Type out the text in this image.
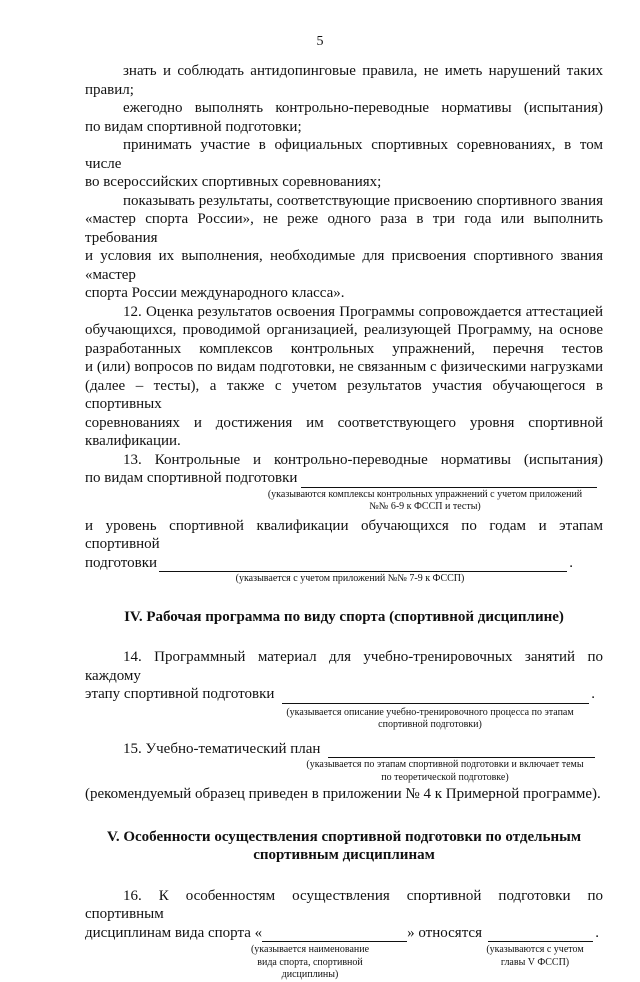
5

знать и соблюдать антидопинговые правила, не иметь нарушений таких правил;

ежегодно выполнять контрольно-переводные нормативы (испытания)

по видам спортивной подготовки;

принимать участие в официальных спортивных соревнованиях, в том числе

во всероссийских спортивных соревнованиях;

показывать результаты, соответствующие присвоению спортивного звания

«мастер спорта России», не реже одного раза в три года или выполнить требования

и условия их выполнения, необходимые для присвоения спортивного звания «мастер

спорта России международного класса».

12. Оценка результатов освоения Программы сопровождается аттестацией

обучающихся, проводимой организацией, реализующей Программу, на основе

разработанных комплексов контрольных упражнений, перечня тестов

и (или) вопросов по видам подготовки, не связанным с физическими нагрузками

(далее – тесты), а также с учетом результатов участия обучающегося в спортивных

соревнованиях и достижения им соответствующего уровня спортивной

квалификации.

13. Контрольные и контрольно-переводные нормативы (испытания)

по видам спортивной подготовки

(указываются комплексы контрольных упражнений с учетом приложений

№№ 6-9 к ФССП и тесты)

и уровень спортивной квалификации обучающихся по годам и этапам спортивной

подготовки	.

(указывается с учетом приложений №№ 7-9 к ФССП)

IV. Рабочая программа по виду спорта (спортивной дисциплине)

14. Программный материал для учебно-тренировочных занятий по каждому

этапу спортивной подготовки	.

(указывается описание учебно-тренировочного процесса по этапам

спортивной подготовки)

15. Учебно-тематический план

(указывается по этапам спортивной подготовки и включает темы

по теоретической подготовке)

(рекомендуемый образец приведен в приложении № 4 к Примерной программе).

V. Особенности осуществления спортивной подготовки по отдельным

спортивным дисциплинам

16. К особенностям осуществления спортивной подготовки по спортивным

дисциплинам вида спорта «	» относятся	.

(указывается наименование

вида спорта, спортивной

дисциплины)

(указываются с учетом

главы V ФССП)
